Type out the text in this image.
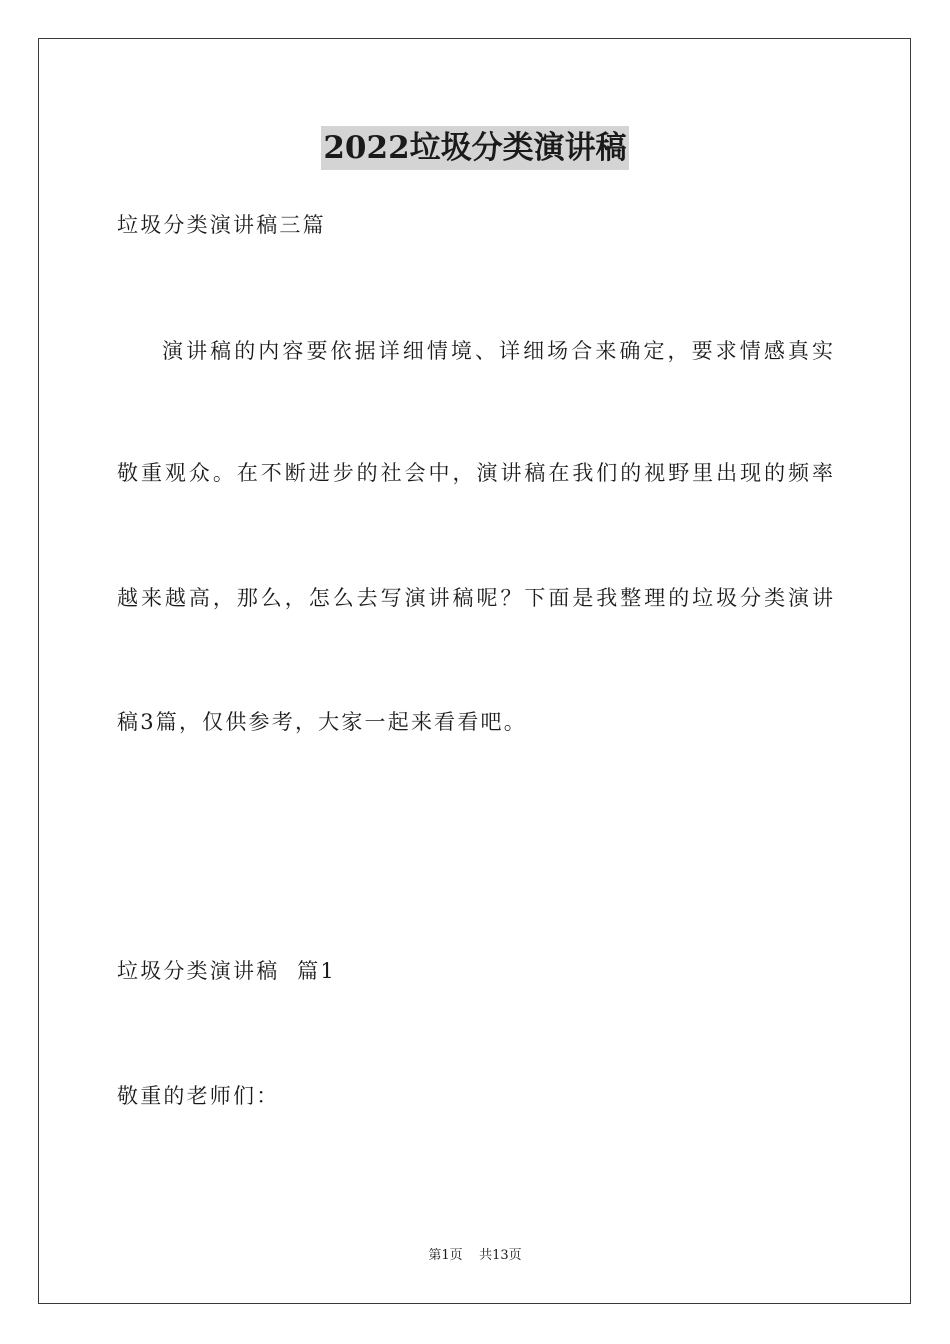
2022垃圾分类演讲稿

垃圾分类演讲稿三篇

演讲稿的内容要依据详细情境、详细场合来确定，要求情感真实

敬重观众。在不断进步的社会中，演讲稿在我们的视野里出现的频率

越来越高，那么，怎么去写演讲稿呢？下面是我整理的垃圾分类演讲

稿3篇，仅供参考，大家一起来看看吧。

垃圾分类演讲稿  篇1

敬重的老师们：

第1页 共13页
